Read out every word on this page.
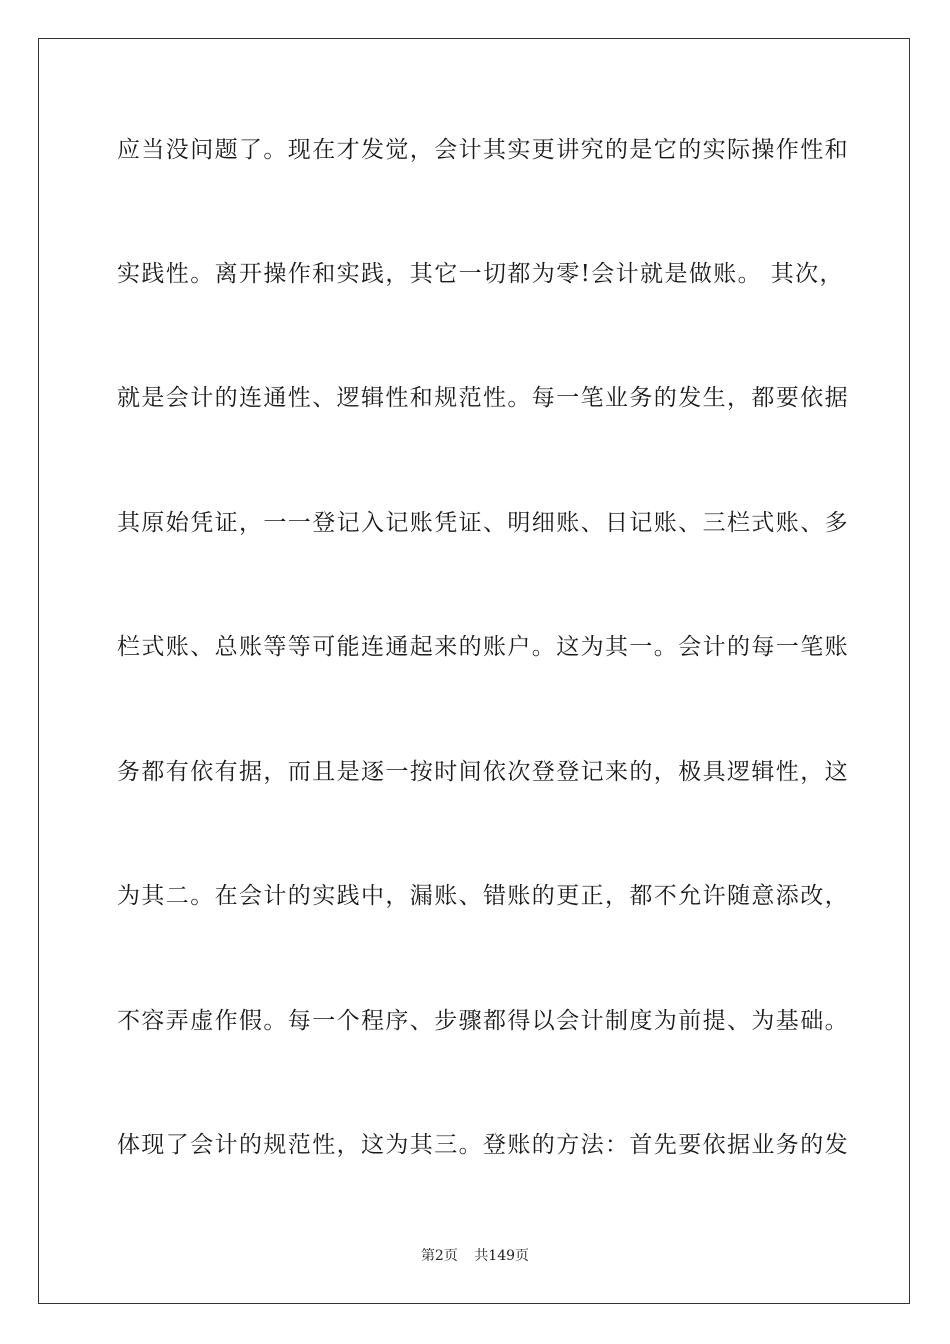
应当没问题了。现在才发觉，会计其实更讲究的是它的实际操作性和
实践性。离开操作和实践，其它一切都为零!会计就是做账。 其次，
就是会计的连通性、逻辑性和规范性。每一笔业务的发生，都要依据
其原始凭证，一一登记入记账凭证、明细账、日记账、三栏式账、多
栏式账、总账等等可能连通起来的账户。这为其一。会计的每一笔账
务都有依有据，而且是逐一按时间依次登登记来的，极具逻辑性，这
为其二。在会计的实践中，漏账、错账的更正，都不允许随意添改，
不容弄虚作假。每一个程序、步骤都得以会计制度为前提、为基础。
体现了会计的规范性，这为其三。登账的方法：首先要依据业务的发
第2页 共149页
